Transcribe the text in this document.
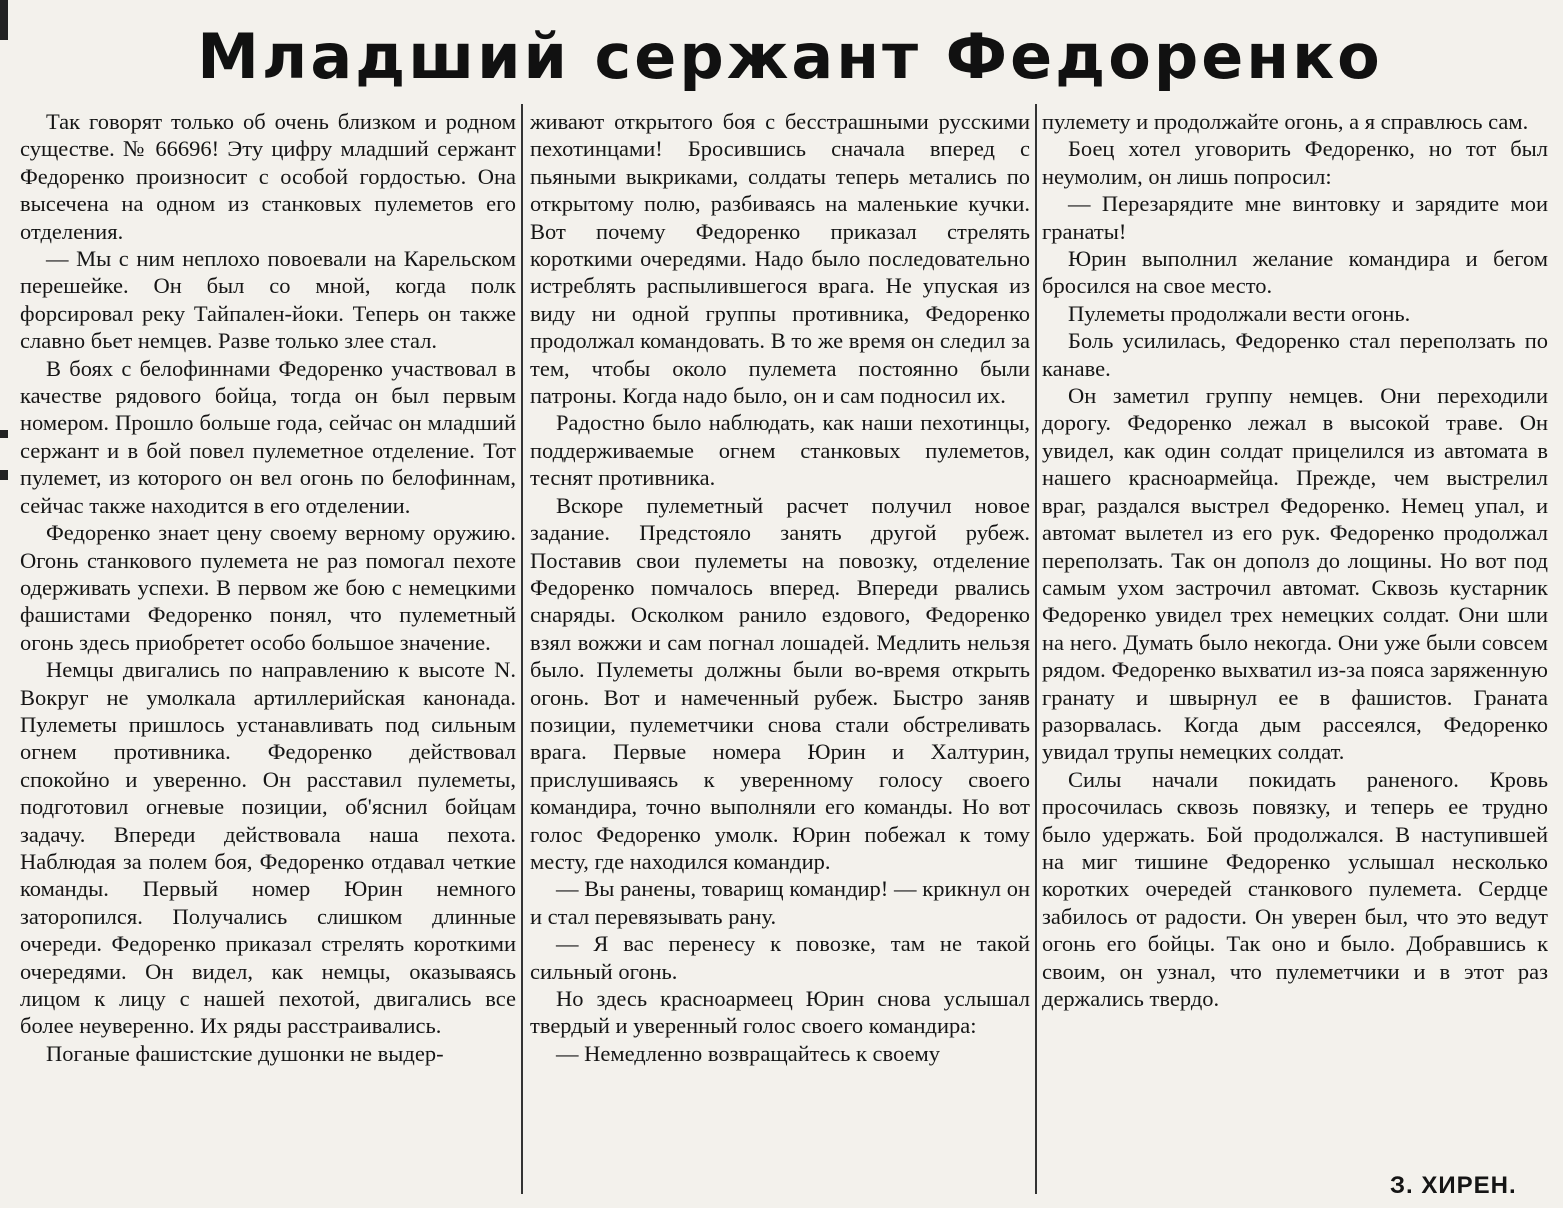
Младший сержант Федоренко

Так говорят только об очень близком и родном существе. № 66696! Эту цифру младший сержант Федоренко произносит с особой гордостью. Она высечена на одном из станковых пулеметов его отделения.

— Мы с ним неплохо повоевали на Карельском перешейке. Он был со мной, когда полк форсировал реку Тайпален-йоки. Теперь он также славно бьет немцев. Разве только злее стал.

В боях с белофиннами Федоренко участвовал в качестве рядового бойца, тогда он был первым номером. Прошло больше года, сейчас он младший сержант и в бой повел пулеметное отделение. Тот пулемет, из которого он вел огонь по белофиннам, сейчас также находится в его отделении.

Федоренко знает цену своему верному оружию. Огонь станкового пулемета не раз помогал пехоте одерживать успехи. В первом же бою с немецкими фашистами Федоренко понял, что пулеметный огонь здесь приобретет особо большое значение.

Немцы двигались по направлению к высоте N. Вокруг не умолкала артиллерийская канонада. Пулеметы пришлось устанавливать под сильным огнем противника. Федоренко действовал спокойно и уверенно. Он расставил пулеметы, подготовил огневые позиции, об'яснил бойцам задачу. Впереди действовала наша пехота. Наблюдая за полем боя, Федоренко отдавал четкие команды. Первый номер Юрин немного заторопился. Получались слишком длинные очереди. Федоренко приказал стрелять короткими очередями. Он видел, как немцы, оказываясь лицом к лицу с нашей пехотой, двигались все более неуверенно. Их ряды расстраивались.

Поганые фашистские душонки не выдер-

живают открытого боя с бесстрашными русскими пехотинцами! Бросившись сначала вперед с пьяными выкриками, солдаты теперь метались по открытому полю, разбиваясь на маленькие кучки. Вот почему Федоренко приказал стрелять короткими очередями. Надо было последовательно истреблять распылившегося врага. Не упуская из виду ни одной группы противника, Федоренко продолжал командовать. В то же время он следил за тем, чтобы около пулемета постоянно были патроны. Когда надо было, он и сам подносил их.

Радостно было наблюдать, как наши пехотинцы, поддерживаемые огнем станковых пулеметов, теснят противника.

Вскоре пулеметный расчет получил новое задание. Предстояло занять другой рубеж. Поставив свои пулеметы на повозку, отделение Федоренко помчалось вперед. Впереди рвались снаряды. Осколком ранило ездового, Федоренко взял вожжи и сам погнал лошадей. Медлить нельзя было. Пулеметы должны были во-время открыть огонь. Вот и намеченный рубеж. Быстро заняв позиции, пулеметчики снова стали обстреливать врага. Первые номера Юрин и Халтурин, прислушиваясь к уверенному голосу своего командира, точно выполняли его команды. Но вот голос Федоренко умолк. Юрин побежал к тому месту, где находился командир.

— Вы ранены, товарищ командир! — крикнул он и стал перевязывать рану.

— Я вас перенесу к повозке, там не такой сильный огонь.

Но здесь красноармеец Юрин снова услышал твердый и уверенный голос своего командира:

— Немедленно возвращайтесь к своему

пулемету и продолжайте огонь, а я справлюсь сам.

Боец хотел уговорить Федоренко, но тот был неумолим, он лишь попросил:

— Перезарядите мне винтовку и зарядите мои гранаты!

Юрин выполнил желание командира и бегом бросился на свое место.

Пулеметы продолжали вести огонь.

Боль усилилась, Федоренко стал переползать по канаве.

Он заметил группу немцев. Они переходили дорогу. Федоренко лежал в высокой траве. Он увидел, как один солдат прицелился из автомата в нашего красноармейца. Прежде, чем выстрелил враг, раздался выстрел Федоренко. Немец упал, и автомат вылетел из его рук. Федоренко продолжал переползать. Так он дополз до лощины. Но вот под самым ухом застрочил автомат. Сквозь кустарник Федоренко увидел трех немецких солдат. Они шли на него. Думать было некогда. Они уже были совсем рядом. Федоренко выхватил из-за пояса заряженную гранату и швырнул ее в фашистов. Граната разорвалась. Когда дым рассеялся, Федоренко увидал трупы немецких солдат.

Силы начали покидать раненого. Кровь просочилась сквозь повязку, и теперь ее трудно было удержать. Бой продолжался. В наступившей на миг тишине Федоренко услышал несколько коротких очередей станкового пулемета. Сердце забилось от радости. Он уверен был, что это ведут огонь его бойцы. Так оно и было. Добравшись к своим, он узнал, что пулеметчики и в этот раз держались твердо.

З. ХИРЕН.
